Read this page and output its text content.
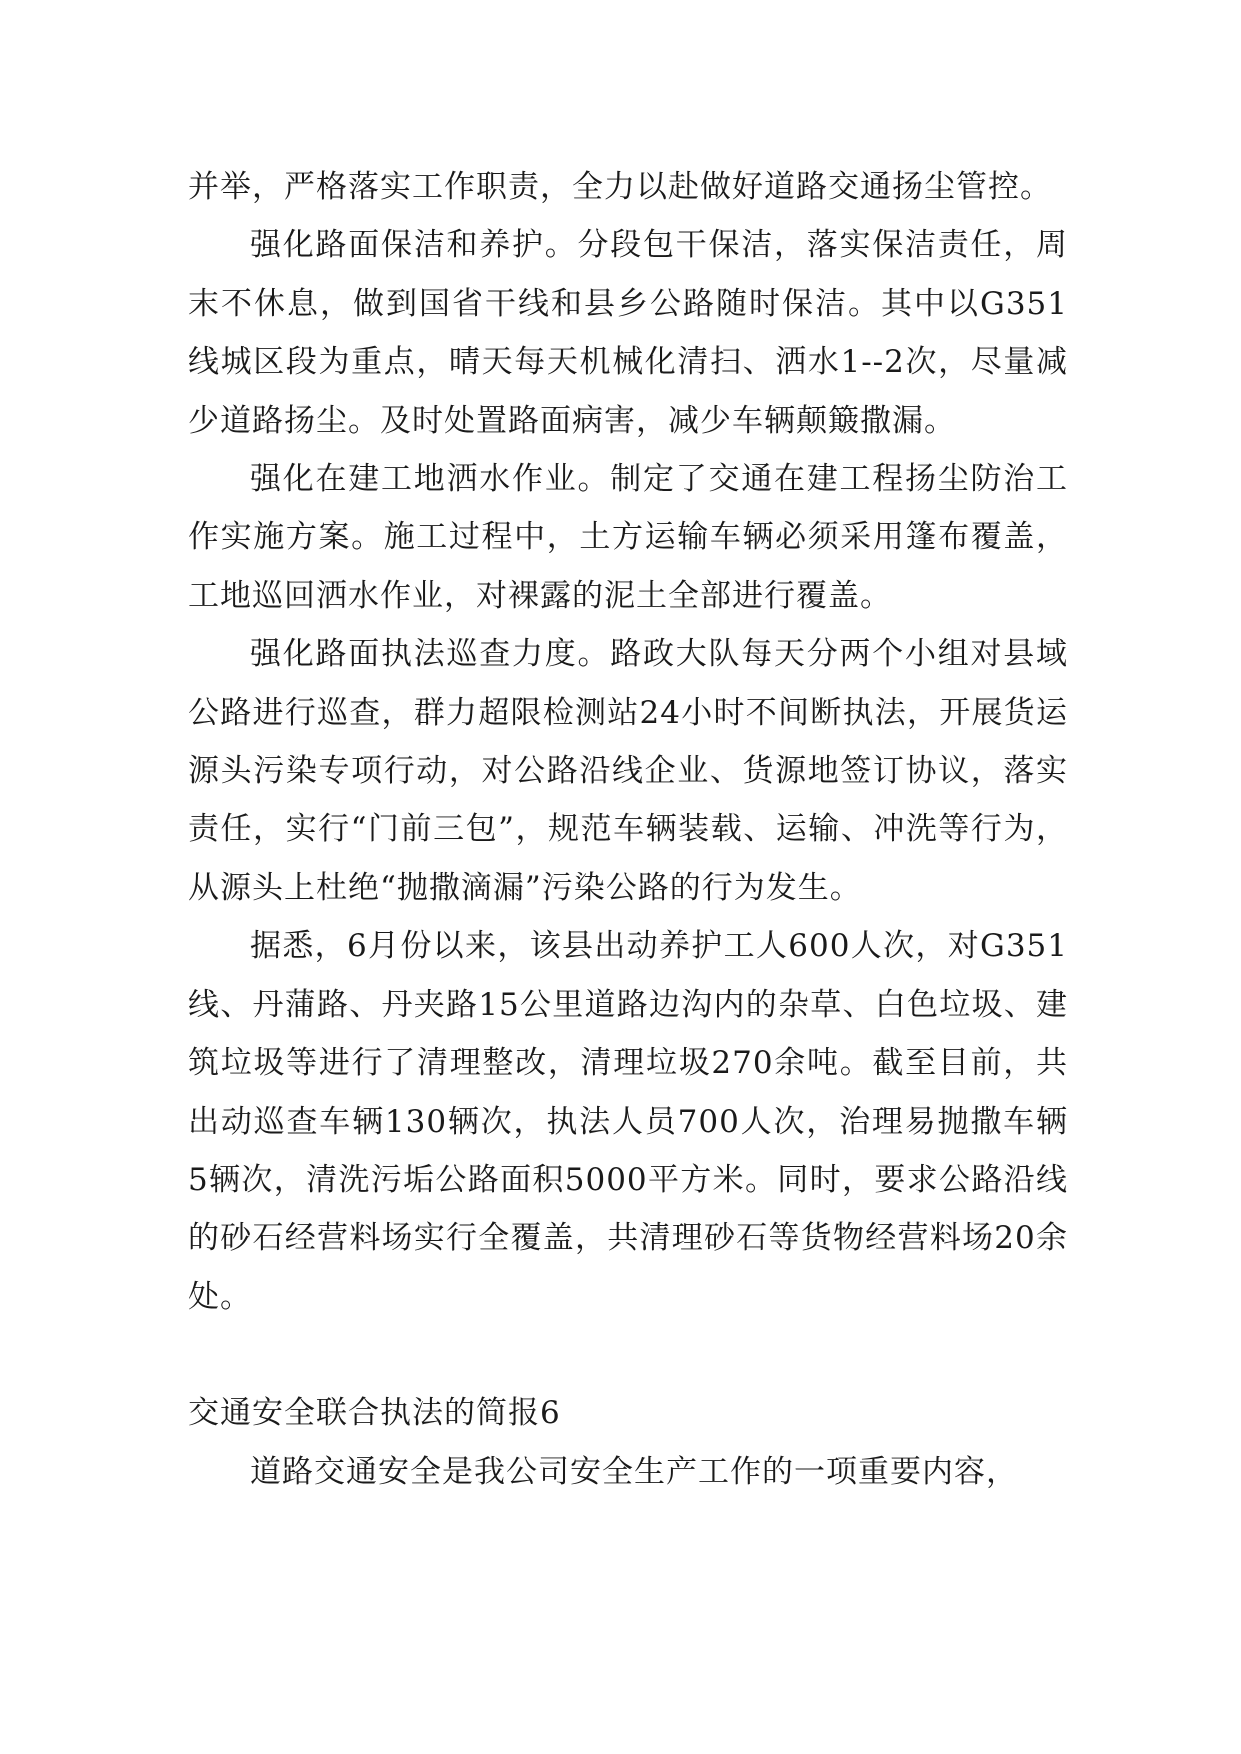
并举，严格落实工作职责，全力以赴做好道路交通扬尘管控。

强化路面保洁和养护。分段包干保洁，落实保洁责任，周末不休息，做到国省干线和县乡公路随时保洁。其中以G351线城区段为重点，晴天每天机械化清扫、洒水1--2次，尽量减少道路扬尘。及时处置路面病害，减少车辆颠簸撒漏。

强化在建工地洒水作业。制定了交通在建工程扬尘防治工作实施方案。施工过程中，土方运输车辆必须采用篷布覆盖，工地巡回洒水作业，对裸露的泥土全部进行覆盖。

强化路面执法巡查力度。路政大队每天分两个小组对县域公路进行巡查，群力超限检测站24小时不间断执法，开展货运源头污染专项行动，对公路沿线企业、货源地签订协议，落实责任，实行“门前三包”，规范车辆装载、运输、冲洗等行为，从源头上杜绝“抛撒滴漏”污染公路的行为发生。

据悉，6月份以来，该县出动养护工人600人次，对G351线、丹蒲路、丹夹路15公里道路边沟内的杂草、白色垃圾、建筑垃圾等进行了清理整改，清理垃圾270余吨。截至目前，共出动巡查车辆130辆次，执法人员700人次，治理易抛撒车辆5辆次，清洗污垢公路面积5000平方米。同时，要求公路沿线的砂石经营料场实行全覆盖，共清理砂石等货物经营料场20余处。

交通安全联合执法的简报6

道路交通安全是我公司安全生产工作的一项重要内容，
